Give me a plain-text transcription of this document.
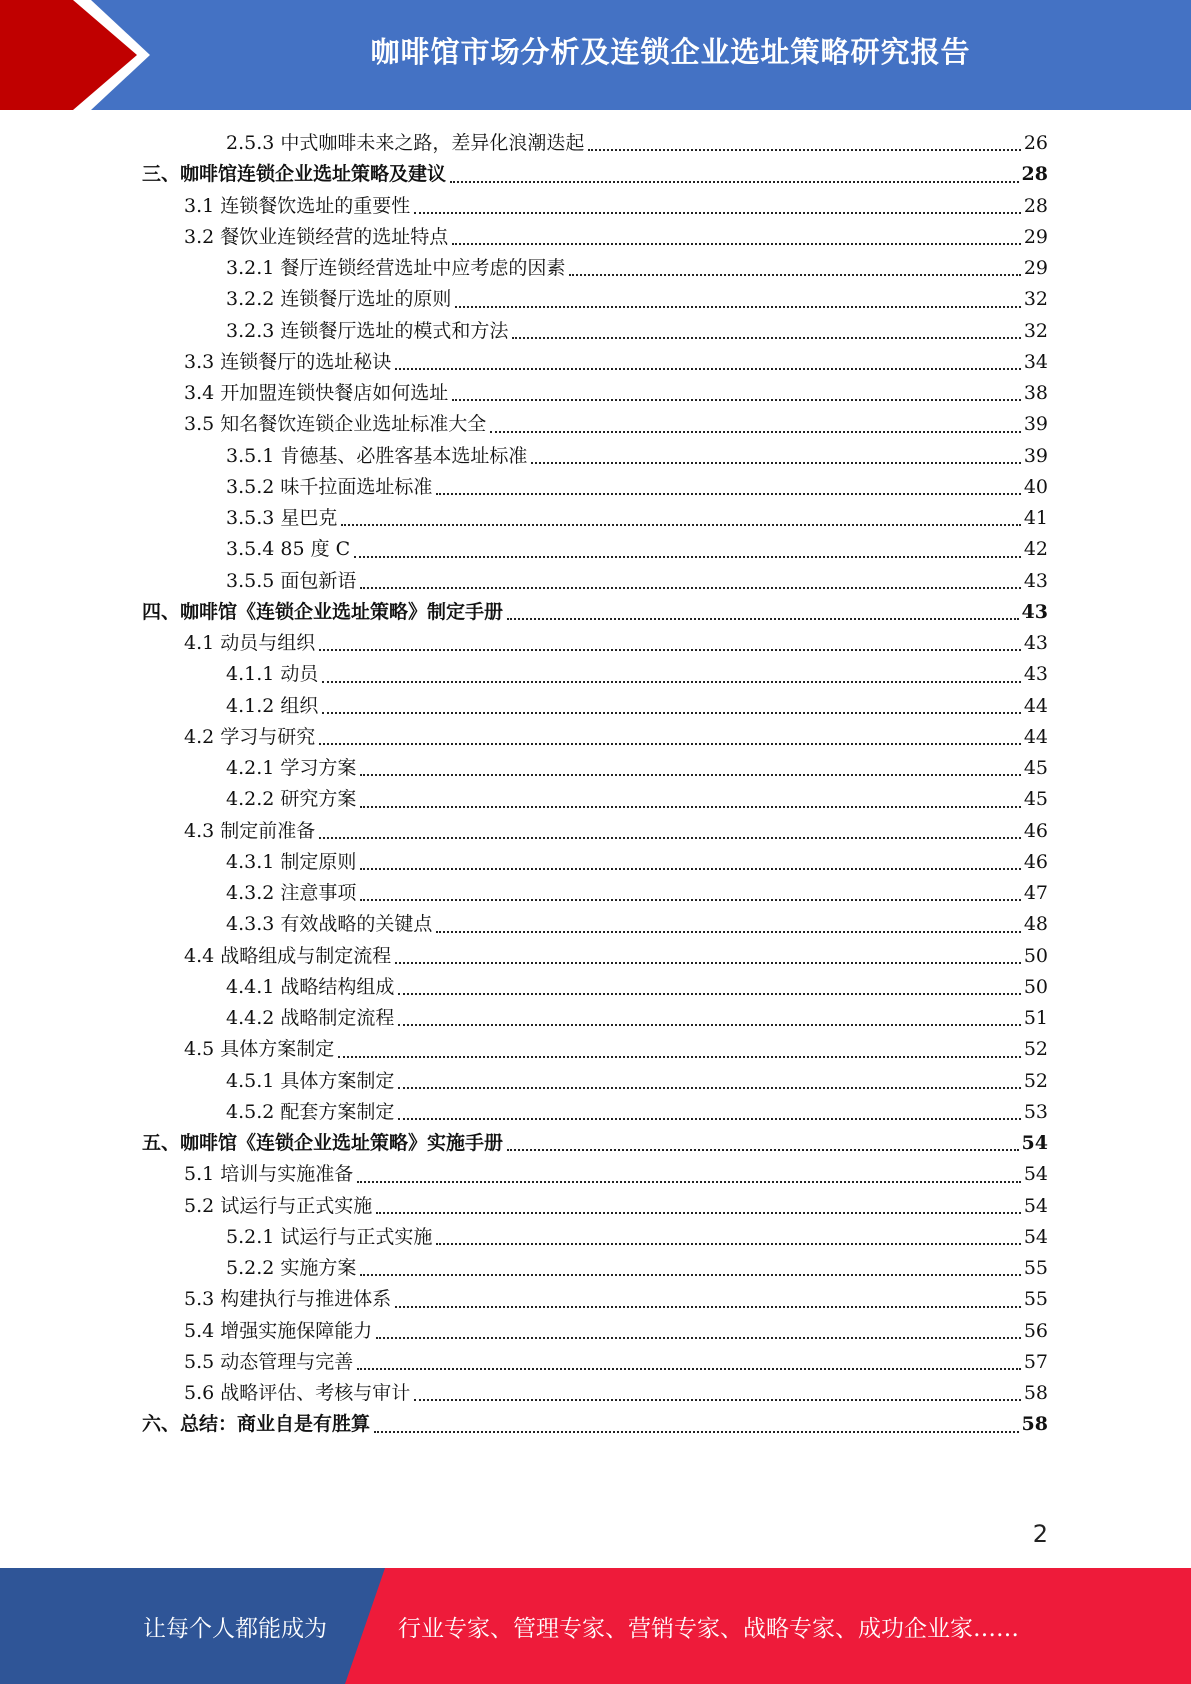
咖啡馆市场分析及连锁企业选址策略研究报告
2.5.3 中式咖啡未来之路，差异化浪潮迭起	26
三、咖啡馆连锁企业选址策略及建议	28
3.1 连锁餐饮选址的重要性	28
3.2 餐饮业连锁经营的选址特点	29
3.2.1 餐厅连锁经营选址中应考虑的因素	29
3.2.2 连锁餐厅选址的原则	32
3.2.3 连锁餐厅选址的模式和方法	32
3.3 连锁餐厅的选址秘诀	34
3.4 开加盟连锁快餐店如何选址	38
3.5 知名餐饮连锁企业选址标准大全	39
3.5.1 肯德基、必胜客基本选址标准	39
3.5.2 味千拉面选址标准	40
3.5.3 星巴克	41
3.5.4 85 度 C	42
3.5.5 面包新语	43
四、咖啡馆《连锁企业选址策略》制定手册	43
4.1 动员与组织	43
4.1.1 动员	43
4.1.2 组织	44
4.2 学习与研究	44
4.2.1 学习方案	45
4.2.2 研究方案	45
4.3 制定前准备	46
4.3.1 制定原则	46
4.3.2 注意事项	47
4.3.3 有效战略的关键点	48
4.4 战略组成与制定流程	50
4.4.1 战略结构组成	50
4.4.2 战略制定流程	51
4.5 具体方案制定	52
4.5.1 具体方案制定	52
4.5.2 配套方案制定	53
五、咖啡馆《连锁企业选址策略》实施手册	54
5.1 培训与实施准备	54
5.2 试运行与正式实施	54
5.2.1 试运行与正式实施	54
5.2.2 实施方案	55
5.3 构建执行与推进体系	55
5.4 增强实施保障能力	56
5.5 动态管理与完善	57
5.6 战略评估、考核与审计	58
六、总结：商业自是有胜算	58
2
让每个人都能成为	行业专家、管理专家、营销专家、战略专家、成功企业家……
